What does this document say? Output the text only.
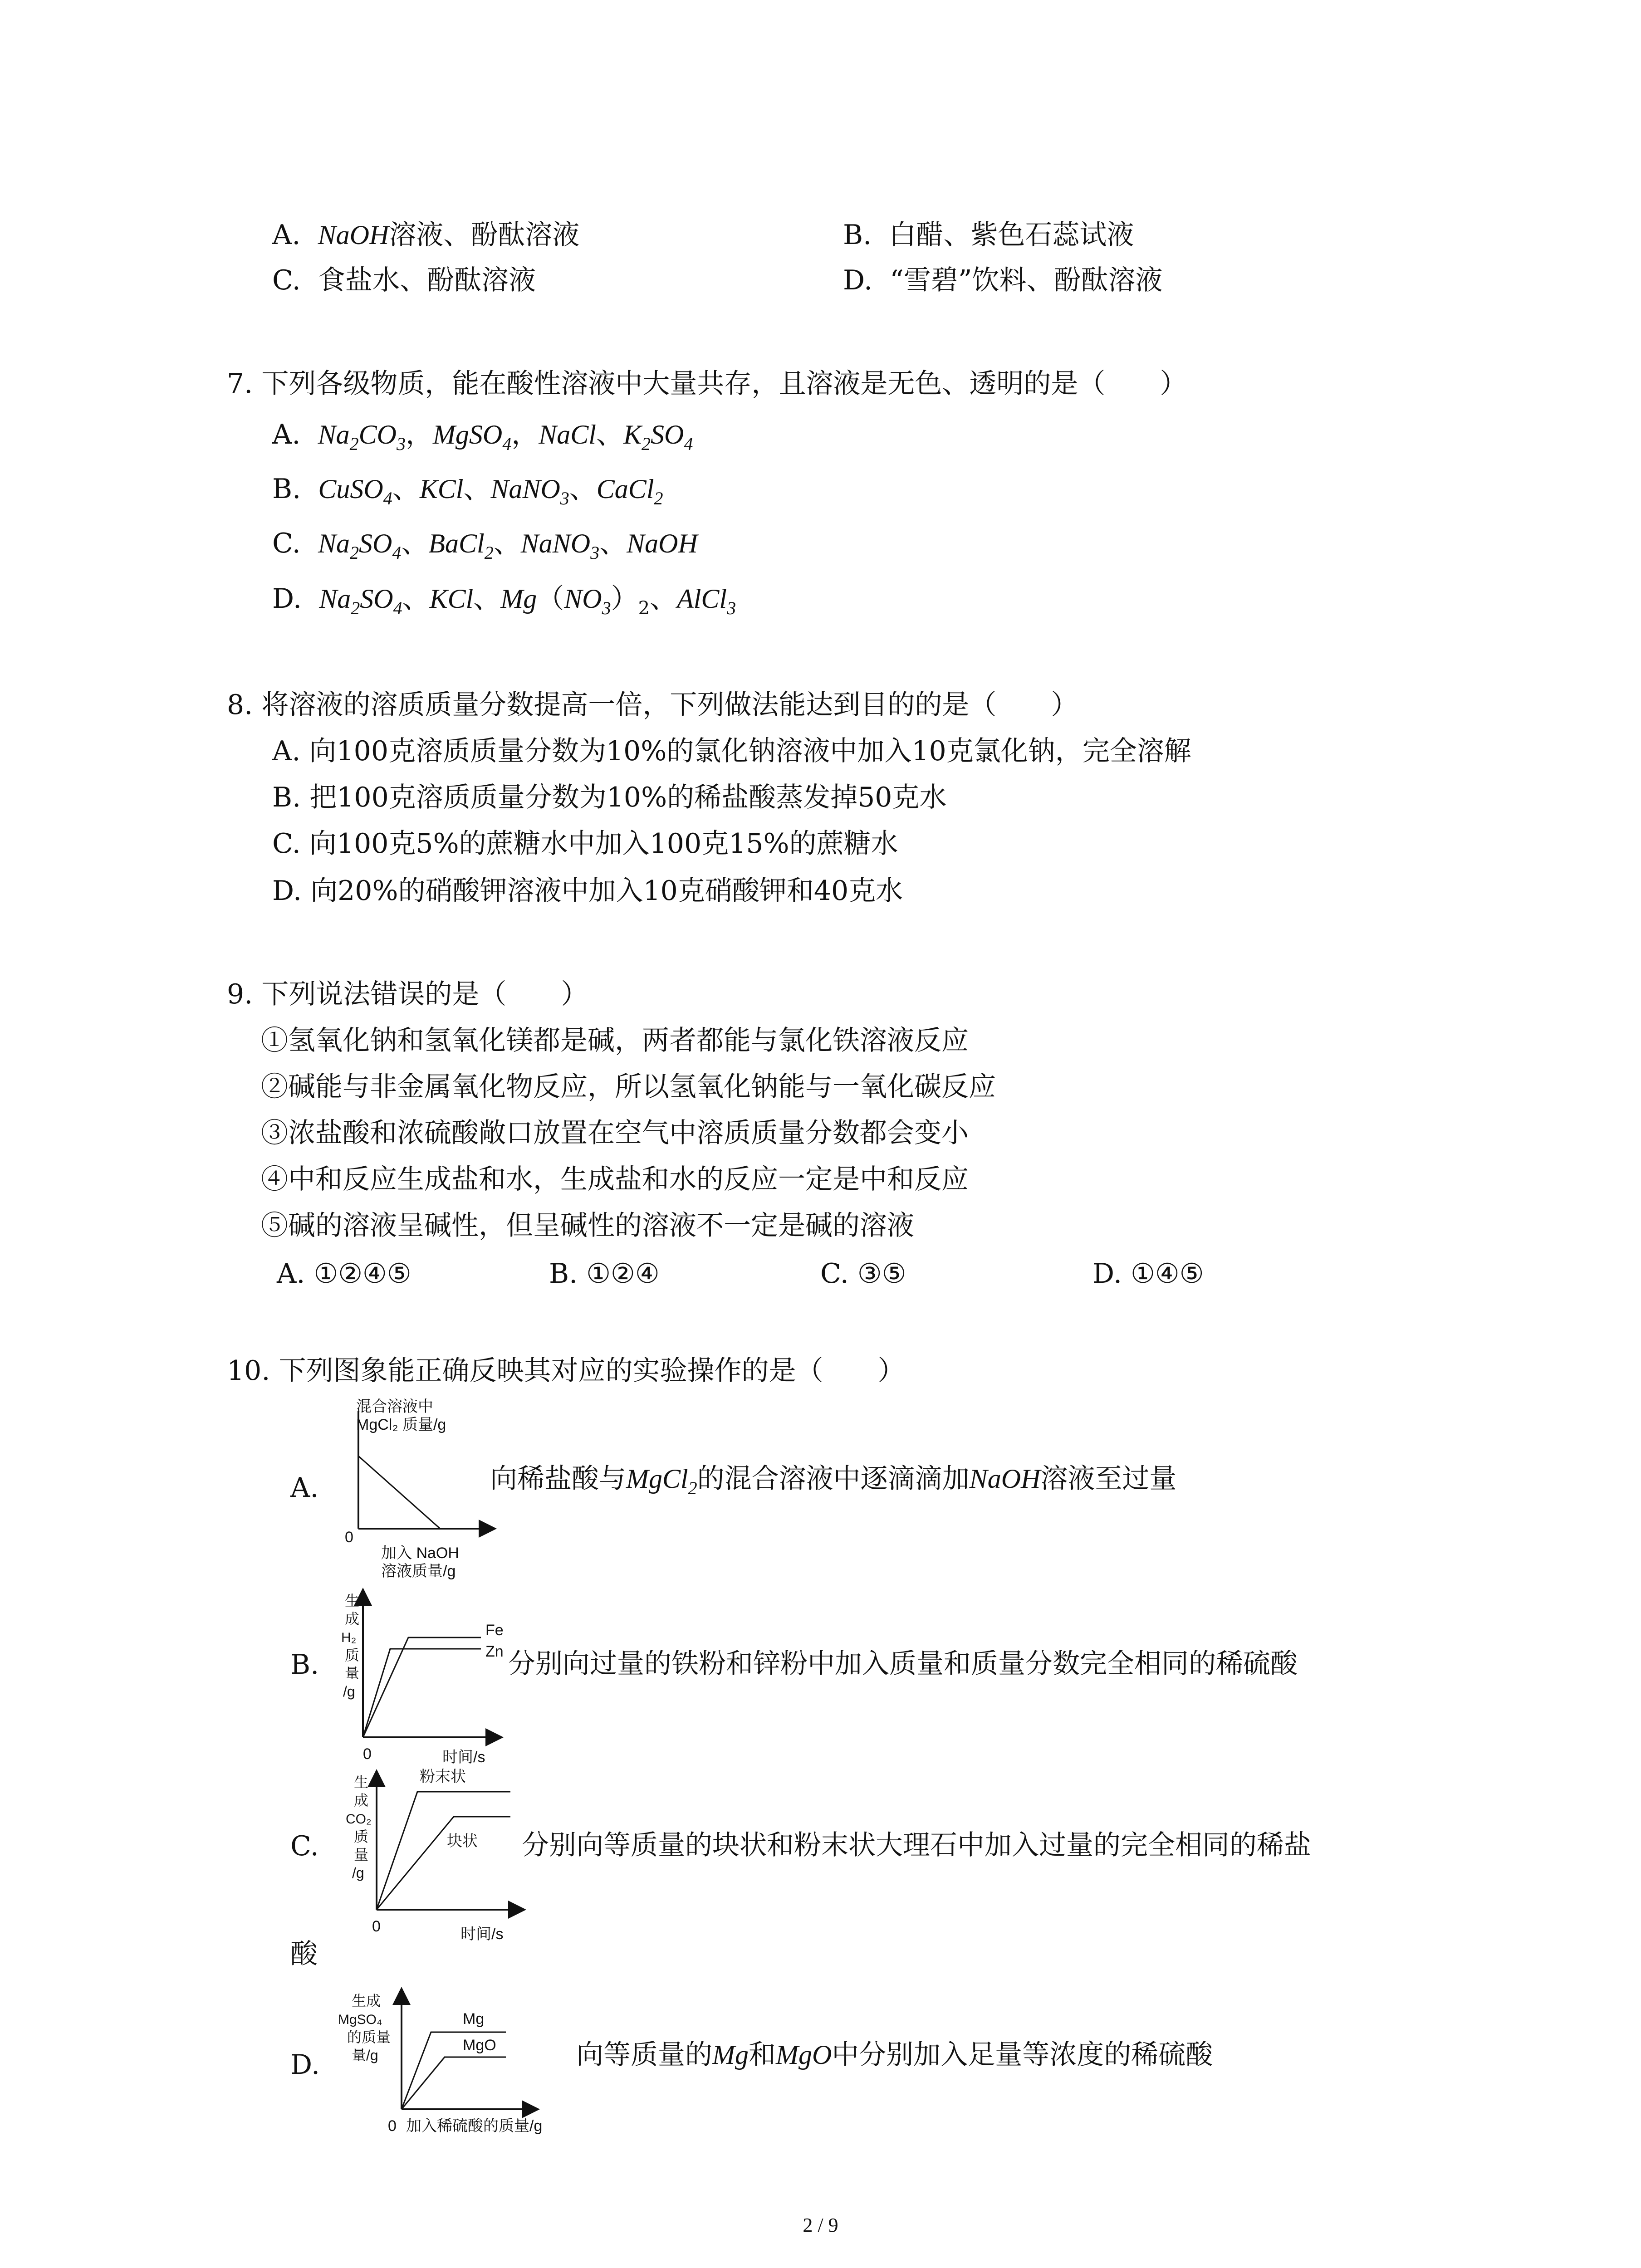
A. NaOH溶液、酚酞溶液	B. 白醋、紫色石蕊试液
C. 食盐水、酚酞溶液	D. “雪碧”饮料、酚酞溶液
7. 下列各级物质，能在酸性溶液中大量共存，且溶液是无色、透明的是（　　）
A. $Na_2CO_3$，MgSO$_4$，NaCl、$K_2SO_4$
B. CuSO$_4$、KCl、NaNO$_3$、CaCl$_2$
C. $Na_2SO_4$、BaCl$_2$、NaNO$_3$、NaOH
D. $Na_2SO_4$、KCl、$Mg(NO_3)_2$、AlCl$_3$
8. 将溶液的溶质质量分数提高一倍，下列做法能达到目的的是（　　）
A. 向100克溶质质量分数为10%的氯化钠溶液中加入10克氯化钠，完全溶解
B. 把100克溶质质量分数为10%的稀盐酸蒸发掉50克水
C. 向100克5%的蔗糖水中加入100克15%的蔗糖水
D. 向20%的硝酸钾溶液中加入10克硝酸钾和40克水
9. 下列说法错误的是（　　）
①氢氧化钠和氢氧化镁都是碱，两者都能与氯化铁溶液反应
②碱能与非金属氧化物反应，所以氢氧化钠能与一氧化碳反应
③浓盐酸和浓硫酸敞口放置在空气中溶质质量分数都会变小
④中和反应生成盐和水，生成盐和水的反应一定是中和反应
⑤碱的溶液呈碱性，但呈碱性的溶液不一定是碱的溶液
A. ①②④⑤	B. ①②④	C. ③⑤	D. ①④⑤
10. 下列图象能正确反映其对应的实验操作的是（　　）
A.
混合溶液中
MgCl₂ 质量/g
0
加入 NaOH
溶液质量/g
向稀盐酸与MgCl$_2$的混合溶液中逐滴滴加NaOH溶液至过量
B.
Fe
Zn
生
成
H₂
质
量
/g
0	时间/s
分别向过量的铁粉和锌粉中加入质量和质量分数完全相同的稀硫酸
C.
粉末状
块状
生
成
CO₂
质
量
/g
0	时间/s
分别向等质量的块状和粉末状大理石中加入过量的完全相同的稀盐
酸
D.
Mg
MgO
生成
MgSO₄
的质量
量/g
0 加入稀硫酸的质量/g
向等质量的Mg和MgO中分别加入足量等浓度的稀硫酸
2 / 9
